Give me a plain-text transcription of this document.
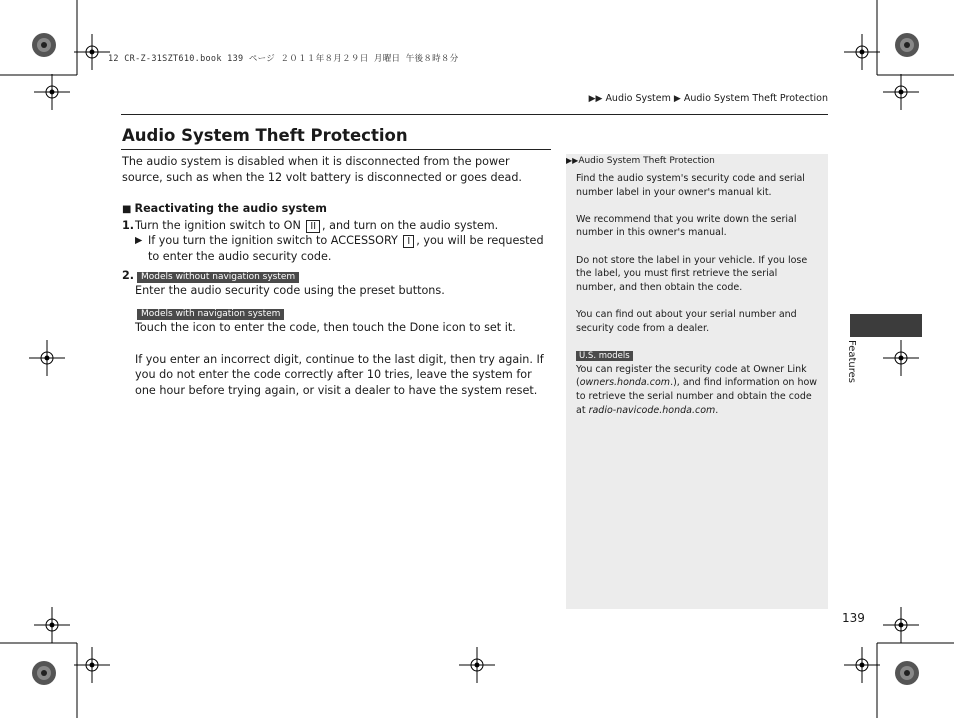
12 CR-Z-31SZT610.book 139 ページ ２０１１年８月２９日 月曜日 午後８時８分
▶▶ Audio System ▶ Audio System Theft Protection
Audio System Theft Protection

The audio system is disabled when it is disconnected from the power source, such as when the 12 volt battery is disconnected or goes dead.

■ Reactivating the audio system

1. Turn the ignition switch to ON II , and turn on the audio system.
▶ If you turn the ignition switch to ACCESSORY I , you will be requested to enter the audio security code.
2. Models without navigation system
Enter the audio security code using the preset buttons.
Models with navigation system
Touch the icon to enter the code, then touch the Done icon to set it.
If you enter an incorrect digit, continue to the last digit, then try again. If you do not enter the code correctly after 10 tries, leave the system for one hour before trying again, or visit a dealer to have the system reset.
▶▶Audio System Theft Protection

Find the audio system's security code and serial number label in your owner's manual kit.

We recommend that you write down the serial number in this owner's manual.

Do not store the label in your vehicle. If you lose the label, you must first retrieve the serial number, and then obtain the code.

You can find out about your serial number and security code from a dealer.

U.S. models

You can register the security code at Owner Link (owners.honda.com.), and find information on how to retrieve the serial number and obtain the code at radio-navicode.honda.com.

Features
139
